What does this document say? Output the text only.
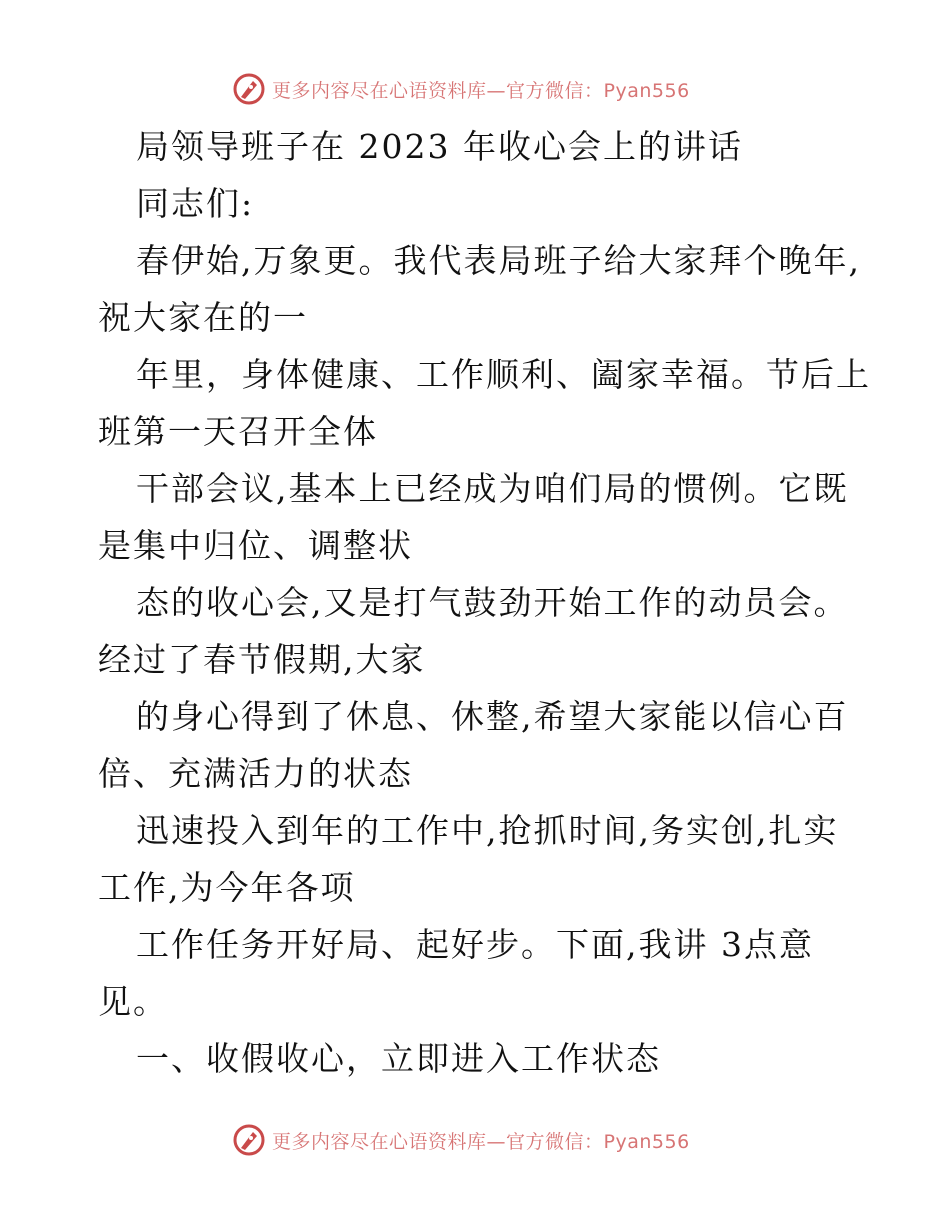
更多内容尽在心语资料库—官方微信：Pyan556
局领导班子在 2023 年收心会上的讲话
同志们:
春伊始,万象更。我代表局班子给大家拜个晚年,
祝大家在的一
年里，身体健康、工作顺利、阖家幸福。节后上
班第一天召开全体
干部会议,基本上已经成为咱们局的惯例。它既
是集中归位、调整状
态的收心会,又是打气鼓劲开始工作的动员会。
经过了春节假期,大家
的身心得到了休息、休整,希望大家能以信心百
倍、充满活力的状态
迅速投入到年的工作中,抢抓时间,务实创,扎实
工作,为今年各项
工作任务开好局、起好步。下面,我讲 3点意
见。
一、收假收心，立即进入工作状态
更多内容尽在心语资料库—官方微信：Pyan556
